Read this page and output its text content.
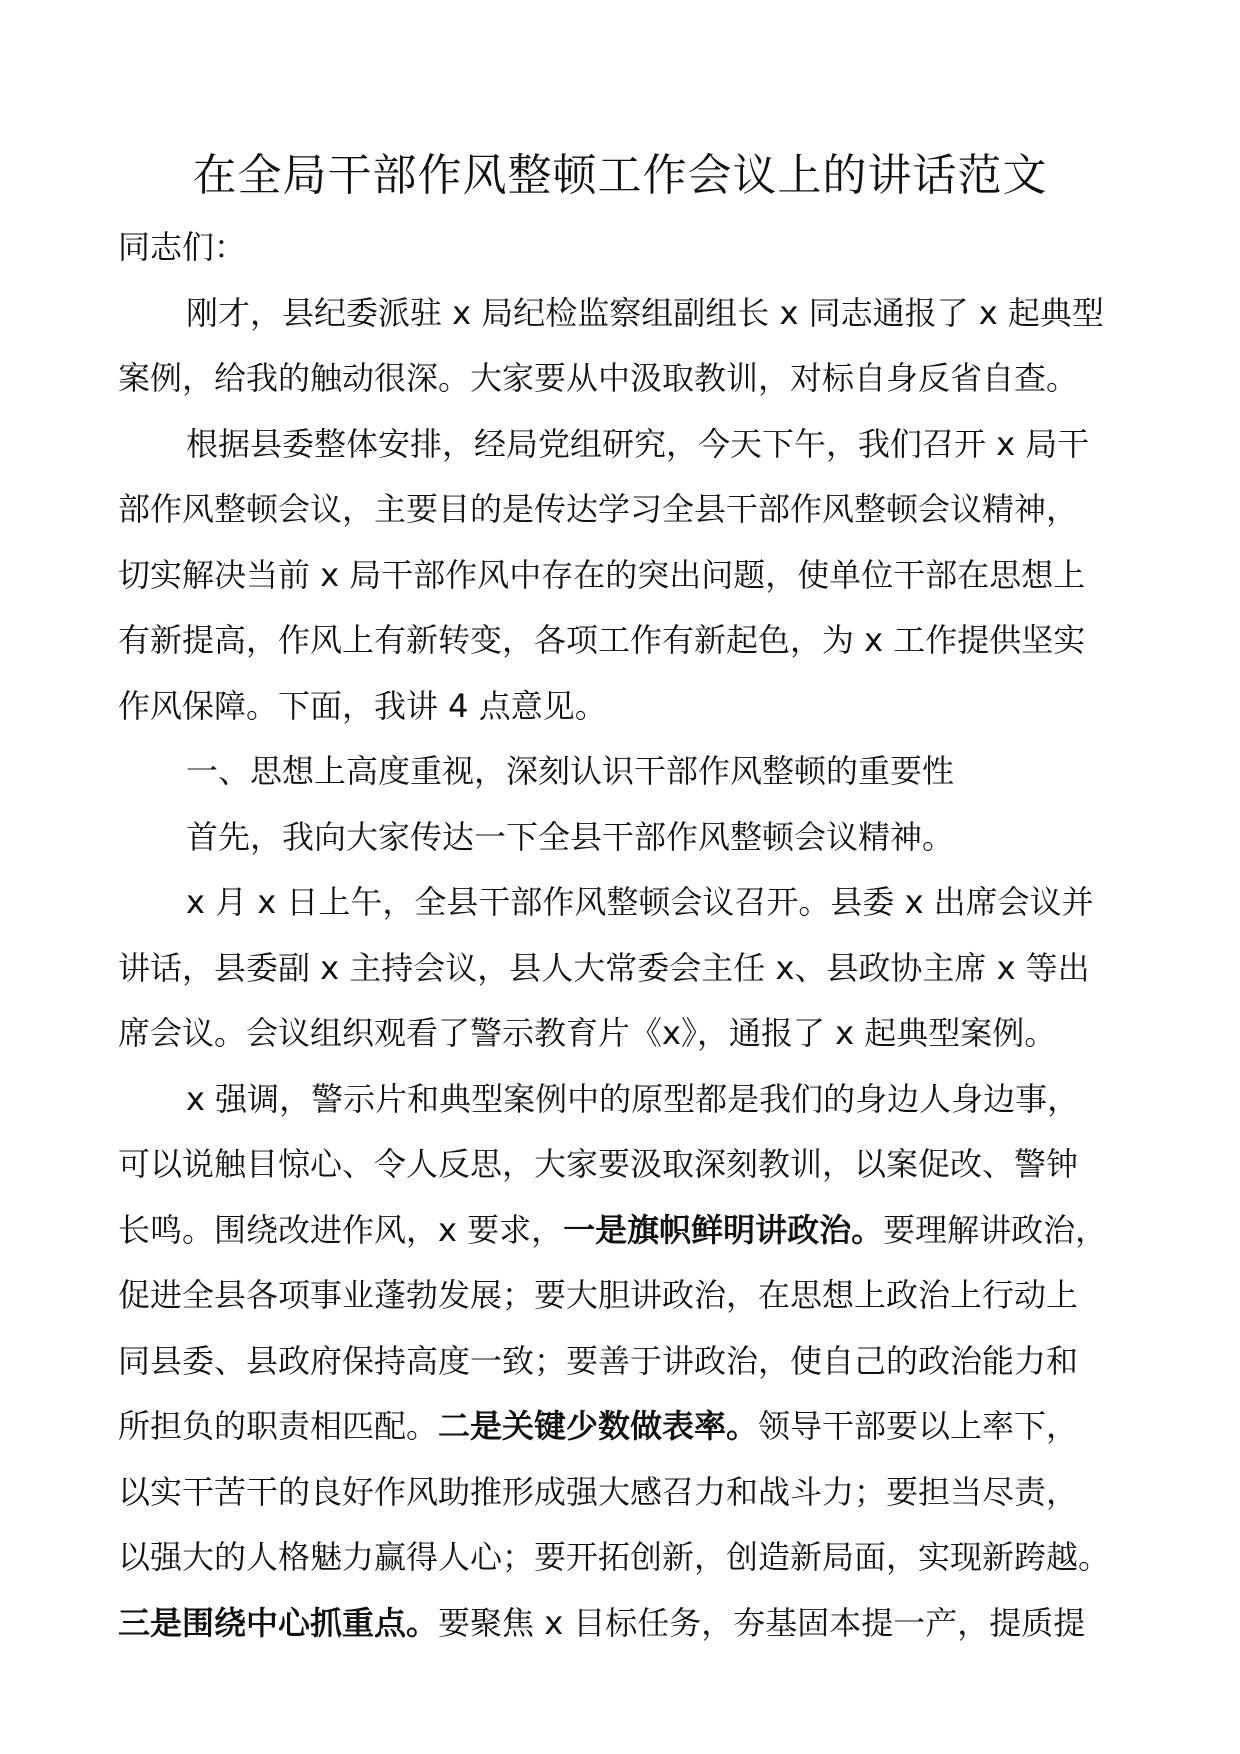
在全局干部作风整顿工作会议上的讲话范文

同志们：

刚才，县纪委派驻 x 局纪检监察组副组长 x 同志通报了 x 起典型

案例，给我的触动很深。大家要从中汲取教训，对标自身反省自查。

根据县委整体安排，经局党组研究，今天下午，我们召开 x 局干

部作风整顿会议，主要目的是传达学习全县干部作风整顿会议精神，

切实解决当前 x 局干部作风中存在的突出问题，使单位干部在思想上

有新提高，作风上有新转变，各项工作有新起色，为 x 工作提供坚实

作风保障。下面，我讲 4 点意见。

一、思想上高度重视，深刻认识干部作风整顿的重要性

首先，我向大家传达一下全县干部作风整顿会议精神。

x 月 x 日上午，全县干部作风整顿会议召开。县委 x 出席会议并

讲话，县委副 x 主持会议，县人大常委会主任 x、县政协主席 x 等出

席会议。会议组织观看了警示教育片《x》，通报了 x 起典型案例。

x 强调，警示片和典型案例中的原型都是我们的身边人身边事，

可以说触目惊心、令人反思，大家要汲取深刻教训，以案促改、警钟

长鸣。围绕改进作风，x 要求，一是旗帜鲜明讲政治。要理解讲政治，

促进全县各项事业蓬勃发展；要大胆讲政治，在思想上政治上行动上

同县委、县政府保持高度一致；要善于讲政治，使自己的政治能力和

所担负的职责相匹配。二是关键少数做表率。领导干部要以上率下，

以实干苦干的良好作风助推形成强大感召力和战斗力；要担当尽责，

以强大的人格魅力赢得人心；要开拓创新，创造新局面，实现新跨越。

三是围绕中心抓重点。要聚焦 x 目标任务，夯基固本提一产，提质提
